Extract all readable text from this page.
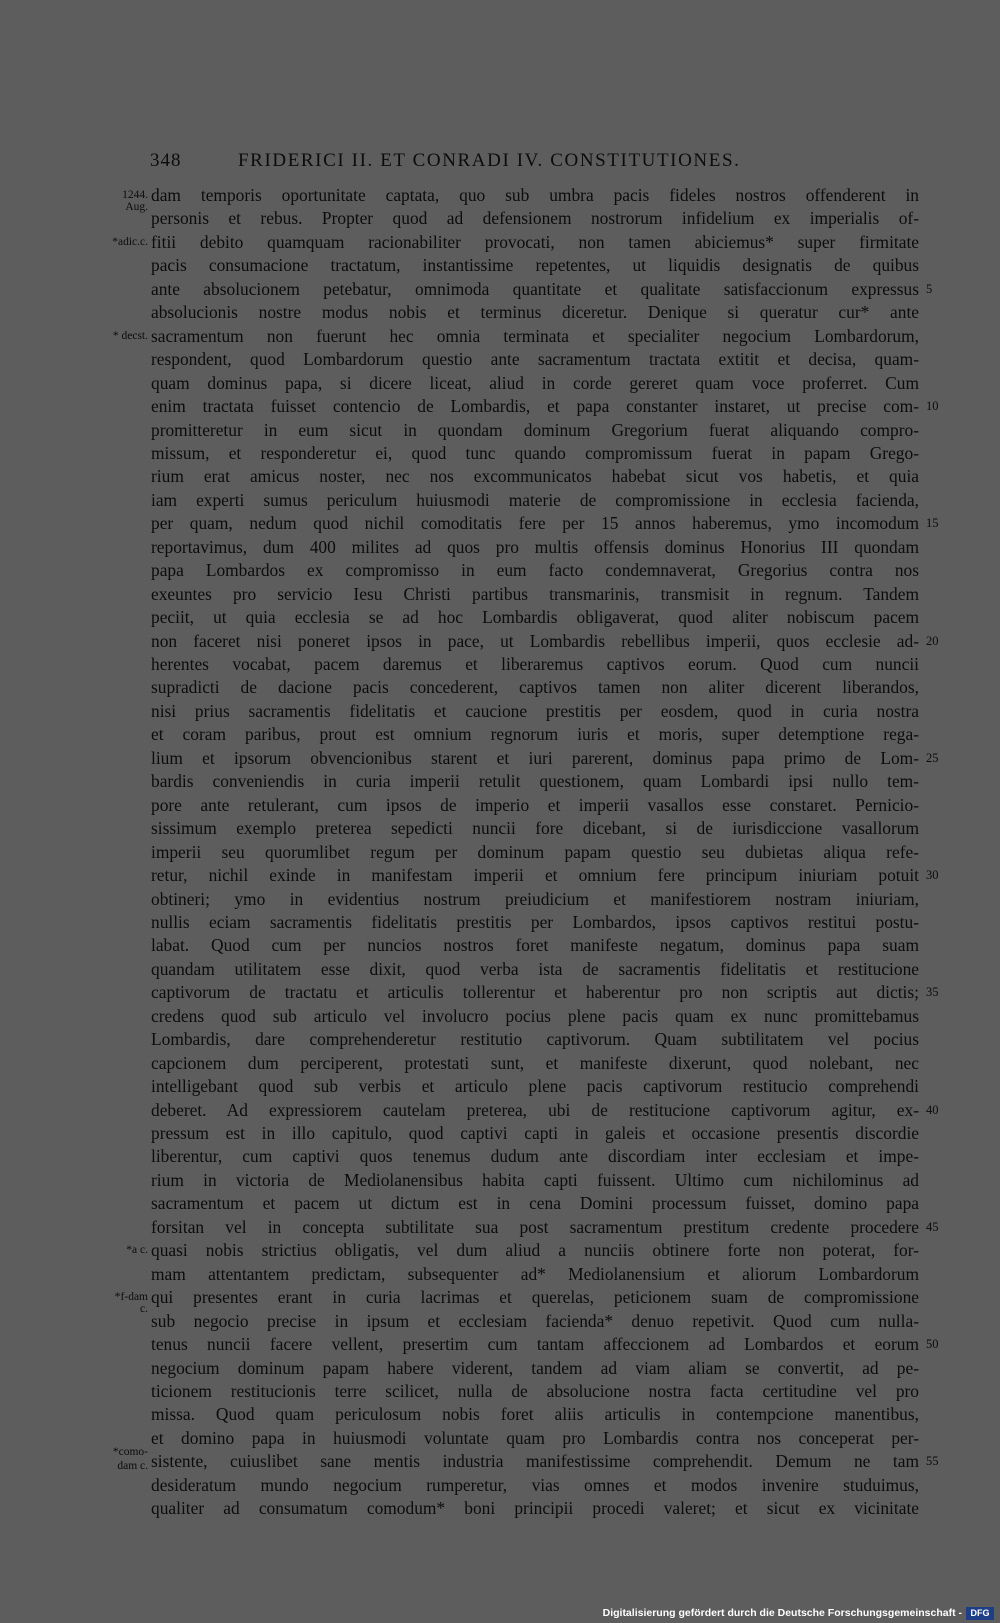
348	FRIDERICI II. ET CONRADI IV. CONSTITUTIONES.
dam temporis oportunitate captata, quo sub umbra pacis fideles nostros offenderent in
personis et rebus. Propter quod ad defensionem nostrorum infidelium ex imperialis of-
fitii debito quamquam racionabiliter provocati, non tamen abiciemus* super firmitate
pacis consumacione tractatum, instantissime repetentes, ut liquidis designatis de quibus
ante absolucionem petebatur, omnimoda quantitate et qualitate satisfaccionum expressus
absolucionis nostre modus nobis et terminus diceretur. Denique si queratur cur* ante
sacramentum non fuerunt hec omnia terminata et specialiter negocium Lombardorum,
respondent, quod Lombardorum questio ante sacramentum tractata extitit et decisa, quam-
quam dominus papa, si dicere liceat, aliud in corde gereret quam voce proferret. Cum
enim tractata fuisset contencio de Lombardis, et papa constanter instaret, ut precise com-
promitteretur in eum sicut in quondam dominum Gregorium fuerat aliquando compro-
missum, et responderetur ei, quod tunc quando compromissum fuerat in papam Grego-
rium erat amicus noster, nec nos excommunicatos habebat sicut vos habetis, et quia
iam experti sumus periculum huiusmodi materie de compromissione in ecclesia facienda,
per quam, nedum quod nichil comoditatis fere per 15 annos haberemus, ymo incomodum
reportavimus, dum 400 milites ad quos pro multis offensis dominus Honorius III quondam
papa Lombardos ex compromisso in eum facto condemnaverat, Gregorius contra nos
exeuntes pro servicio Iesu Christi partibus transmarinis, transmisit in regnum. Tandem
peciit, ut quia ecclesia se ad hoc Lombardis obligaverat, quod aliter nobiscum pacem
non faceret nisi poneret ipsos in pace, ut Lombardis rebellibus imperii, quos ecclesie ad-
herentes vocabat, pacem daremus et liberaremus captivos eorum. Quod cum nuncii
supradicti de dacione pacis concederent, captivos tamen non aliter dicerent liberandos,
nisi prius sacramentis fidelitatis et caucione prestitis per eosdem, quod in curia nostra
et coram paribus, prout est omnium regnorum iuris et moris, super detemptione rega-
lium et ipsorum obvencionibus starent et iuri parerent, dominus papa primo de Lom-
bardis conveniendis in curia imperii retulit questionem, quam Lombardi ipsi nullo tem-
pore ante retulerant, cum ipsos de imperio et imperii vasallos esse constaret. Pernicio-
sissimum exemplo preterea sepedicti nuncii fore dicebant, si de iurisdiccione vasallorum
imperii seu quorumlibet regum per dominum papam questio seu dubietas aliqua refe-
retur, nichil exinde in manifestam imperii et omnium fere principum iniuriam potuit
obtineri; ymo in evidentius nostrum preiudicium et manifestiorem nostram iniuriam,
nullis eciam sacramentis fidelitatis prestitis per Lombardos, ipsos captivos restitui postu-
labat. Quod cum per nuncios nostros foret manifeste negatum, dominus papa suam
quandam utilitatem esse dixit, quod verba ista de sacramentis fidelitatis et restitucione
captivorum de tractatu et articulis tollerentur et haberentur pro non scriptis aut dictis;
credens quod sub articulo vel involucro pocius plene pacis quam ex nunc promittebamus
Lombardis, dare comprehenderetur restitutio captivorum. Quam subtilitatem vel pocius
capcionem dum perciperent, protestati sunt, et manifeste dixerunt, quod nolebant, nec
intelligebant quod sub verbis et articulo plene pacis captivorum restitucio comprehendi
deberet. Ad expressiorem cautelam preterea, ubi de restitucione captivorum agitur, ex-
pressum est in illo capitulo, quod captivi capti in galeis et occasione presentis discordie
liberentur, cum captivi quos tenemus dudum ante discordiam inter ecclesiam et impe-
rium in victoria de Mediolanensibus habita capti fuissent. Ultimo cum nichilominus ad
sacramentum et pacem ut dictum est in cena Domini processum fuisset, domino papa
forsitan vel in concepta subtilitate sua post sacramentum prestitum credente procedere
quasi nobis strictius obligatis, vel dum aliud a nunciis obtinere forte non poterat, for-
mam attentantem predictam, subsequenter ad* Mediolanensium et aliorum Lombardorum
qui presentes erant in curia lacrimas et querelas, peticionem suam de compromissione
sub negocio precise in ipsum et ecclesiam facienda* denuo repetivit. Quod cum nulla-
tenus nuncii facere vellent, presertim cum tantam affeccionem ad Lombardos et eorum
negocium dominum papam habere viderent, tandem ad viam aliam se convertit, ad pe-
ticionem restitucionis terre scilicet, nulla de absolucione nostra facta certitudine vel pro
missa. Quod quam periculosum nobis foret aliis articulis in contempcione manentibus,
et domino papa in huiusmodi voluntate quam pro Lombardis contra nos conceperat per-
sistente, cuiuslibet sane mentis industria manifestissime comprehendit. Demum ne tam
desideratum mundo negocium rumperetur, vias omnes et modos invenire studuimus,
qualiter ad consumatum comodum* boni principii procedi valeret; et sicut ex vicinitate
1244.
Aug.
*adic.c.
* decst.
*a c.
*f-dam
c.
*como-
dam c.
5
10
15
20
25
30
35
40
45
50
55
Digitalisierung gefördert durch die Deutsche Forschungsgemeinschaft - DFG
